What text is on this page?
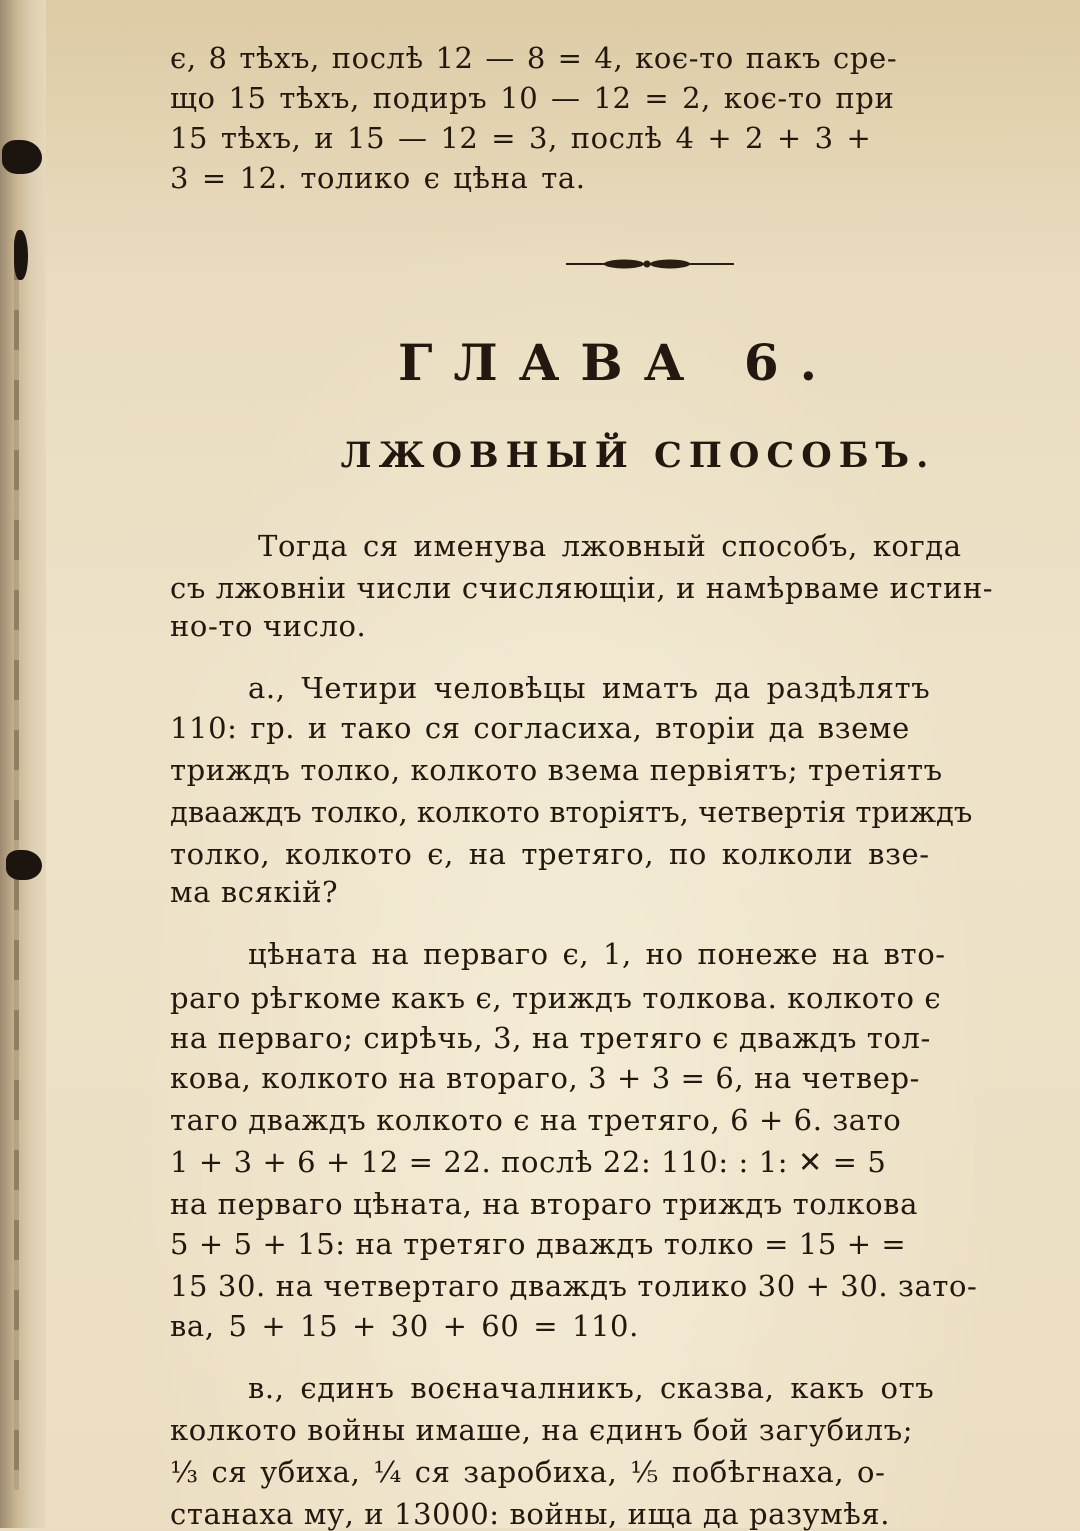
є, 8 тѣхъ, послѣ 12 — 8 = 4, коє-то пакъ сре-

що 15 тѣхъ, подиръ 10 — 12 = 2, коє-то при

15 тѣхъ, и 15 — 12 = 3, послѣ 4 + 2 + 3 +

3 = 12. толико є цѣна та.

ГЛАВА 6.
ЛЖОВНЫЙ СПОСОБЪ.

Тогда ся именува лжовный способъ, когда

съ лжовніи числи счисляющіи, и намѣрваме истин-

но-то число.

а., Четири человѣцы иматъ да раздѣлятъ

110: гр. и тако ся согласиха, вторіи да вземе

триждъ толко, колкото взема первіятъ; третіятъ

двааждъ толко, колкото вторіятъ, четвертія триждъ

толко, колкото є, на третяго, по колколи взе-

ма всякій?

цѣната на перваго є, 1, но понеже на вто-

раго рѣгкоме какъ є, триждъ толкова. колкото є

на перваго; сирѣчь, 3, на третяго є дваждъ тол-

кова, колкото на втораго, 3 + 3 = 6, на четвер-

таго дваждъ колкото є на третяго, 6 + 6. зато

1 + 3 + 6 + 12 = 22. послѣ 22: 110: : 1: ✕ = 5

на перваго цѣната, на втораго триждъ толкова

5 + 5 + 15: на третяго дваждъ толко = 15 + =

15 30. на четвертаго дваждъ толико 30 + 30. зато-

ва, 5 + 15 + 30 + 60 = 110.

в., єдинъ воєначалникъ, сказва, какъ отъ

колкото войны имаше, на єдинъ бой загубилъ;

⅓ ся убиха, ¼ ся заробиха, ⅕ побѣгнаха, о-

станаха му, и 13000: войны, ища да разумѣя.
